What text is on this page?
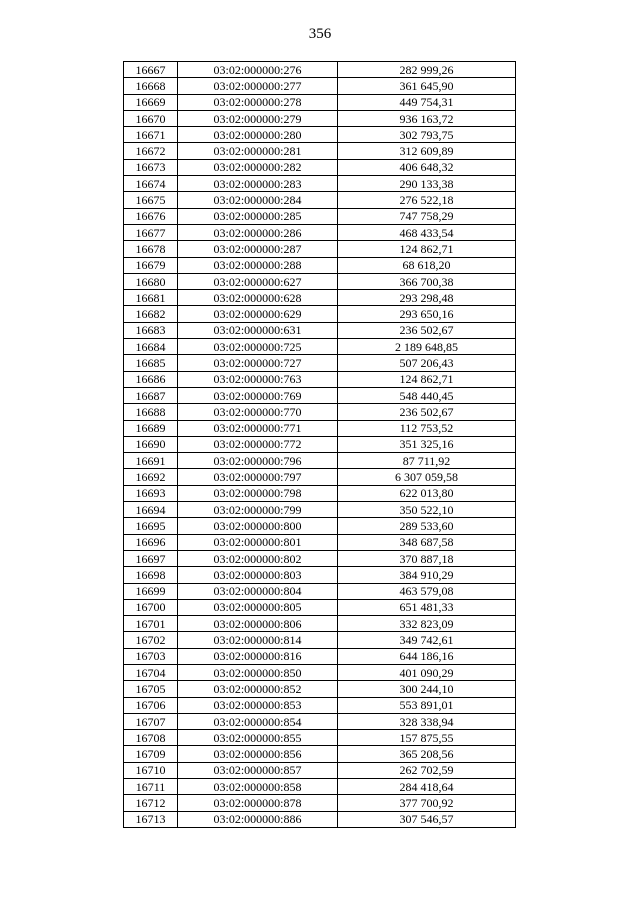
356
16667	03:02:000000:276	282 999,26
16668	03:02:000000:277	361 645,90
16669	03:02:000000:278	449 754,31
16670	03:02:000000:279	936 163,72
16671	03:02:000000:280	302 793,75
16672	03:02:000000:281	312 609,89
16673	03:02:000000:282	406 648,32
16674	03:02:000000:283	290 133,38
16675	03:02:000000:284	276 522,18
16676	03:02:000000:285	747 758,29
16677	03:02:000000:286	468 433,54
16678	03:02:000000:287	124 862,71
16679	03:02:000000:288	68 618,20
16680	03:02:000000:627	366 700,38
16681	03:02:000000:628	293 298,48
16682	03:02:000000:629	293 650,16
16683	03:02:000000:631	236 502,67
16684	03:02:000000:725	2 189 648,85
16685	03:02:000000:727	507 206,43
16686	03:02:000000:763	124 862,71
16687	03:02:000000:769	548 440,45
16688	03:02:000000:770	236 502,67
16689	03:02:000000:771	112 753,52
16690	03:02:000000:772	351 325,16
16691	03:02:000000:796	87 711,92
16692	03:02:000000:797	6 307 059,58
16693	03:02:000000:798	622 013,80
16694	03:02:000000:799	350 522,10
16695	03:02:000000:800	289 533,60
16696	03:02:000000:801	348 687,58
16697	03:02:000000:802	370 887,18
16698	03:02:000000:803	384 910,29
16699	03:02:000000:804	463 579,08
16700	03:02:000000:805	651 481,33
16701	03:02:000000:806	332 823,09
16702	03:02:000000:814	349 742,61
16703	03:02:000000:816	644 186,16
16704	03:02:000000:850	401 090,29
16705	03:02:000000:852	300 244,10
16706	03:02:000000:853	553 891,01
16707	03:02:000000:854	328 338,94
16708	03:02:000000:855	157 875,55
16709	03:02:000000:856	365 208,56
16710	03:02:000000:857	262 702,59
16711	03:02:000000:858	284 418,64
16712	03:02:000000:878	377 700,92
16713	03:02:000000:886	307 546,57
